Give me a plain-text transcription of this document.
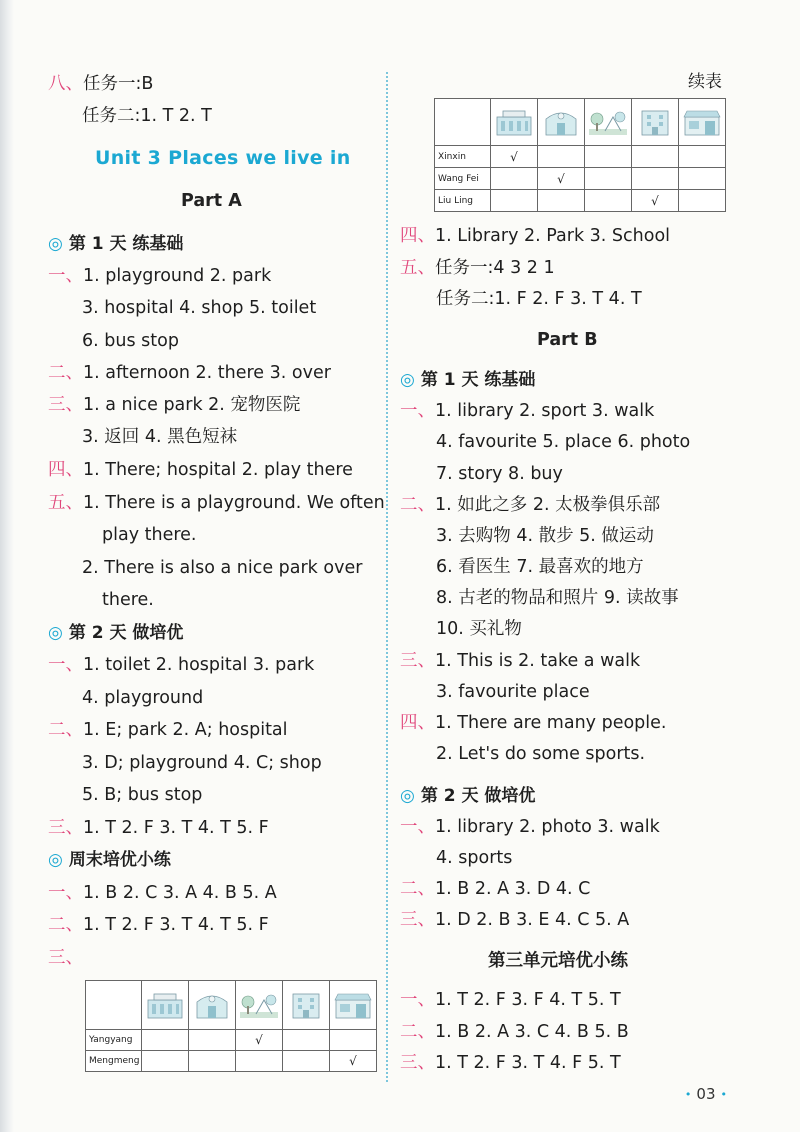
八、任务一:B
任务二:1. T 2. T
Unit 3 Places we live in
Part A
◎ 第 1 天 练基础
一、1. playground 2. park
3. hospital 4. shop 5. toilet
6. bus stop
二、1. afternoon 2. there 3. over
三、1. a nice park 2. 宠物医院
3. 返回 4. 黑色短袜
四、1. There; hospital 2. play there
五、1. There is a playground. We often
play there.
2. There is also a nice park over
there.
◎ 第 2 天 做培优
一、1. toilet 2. hospital 3. park
4. playground
二、1. E; park 2. A; hospital
3. D; playground 4. C; shop
5. B; bus stop
三、1. T 2. F 3. T 4. T 5. F
◎ 周末培优小练
一、1. B 2. C 3. A 4. B 5. A
二、1. T 2. F 3. T 4. T 5. F
三、

Yangyang			√		
Mengmeng					√
续表

Xinxin	√				
Wang Fei		√			
Liu Ling				√	
四、1. Library 2. Park 3. School
五、任务一:4 3 2 1
任务二:1. F 2. F 3. T 4. T
Part B
◎ 第 1 天 练基础
一、1. library 2. sport 3. walk
4. favourite 5. place 6. photo
7. story 8. buy
二、1. 如此之多 2. 太极拳俱乐部
3. 去购物 4. 散步 5. 做运动
6. 看医生 7. 最喜欢的地方
8. 古老的物品和照片 9. 读故事
10. 买礼物
三、1. This is 2. take a walk
3. favourite place
四、1. There are many people.
2. Let's do some sports.
◎ 第 2 天 做培优
一、1. library 2. photo 3. walk
4. sports
二、1. B 2. A 3. D 4. C
三、1. D 2. B 3. E 4. C 5. A
第三单元培优小练
一、1. T 2. F 3. F 4. T 5. T
二、1. B 2. A 3. C 4. B 5. B
三、1. T 2. F 3. T 4. F 5. T
• 03 •
